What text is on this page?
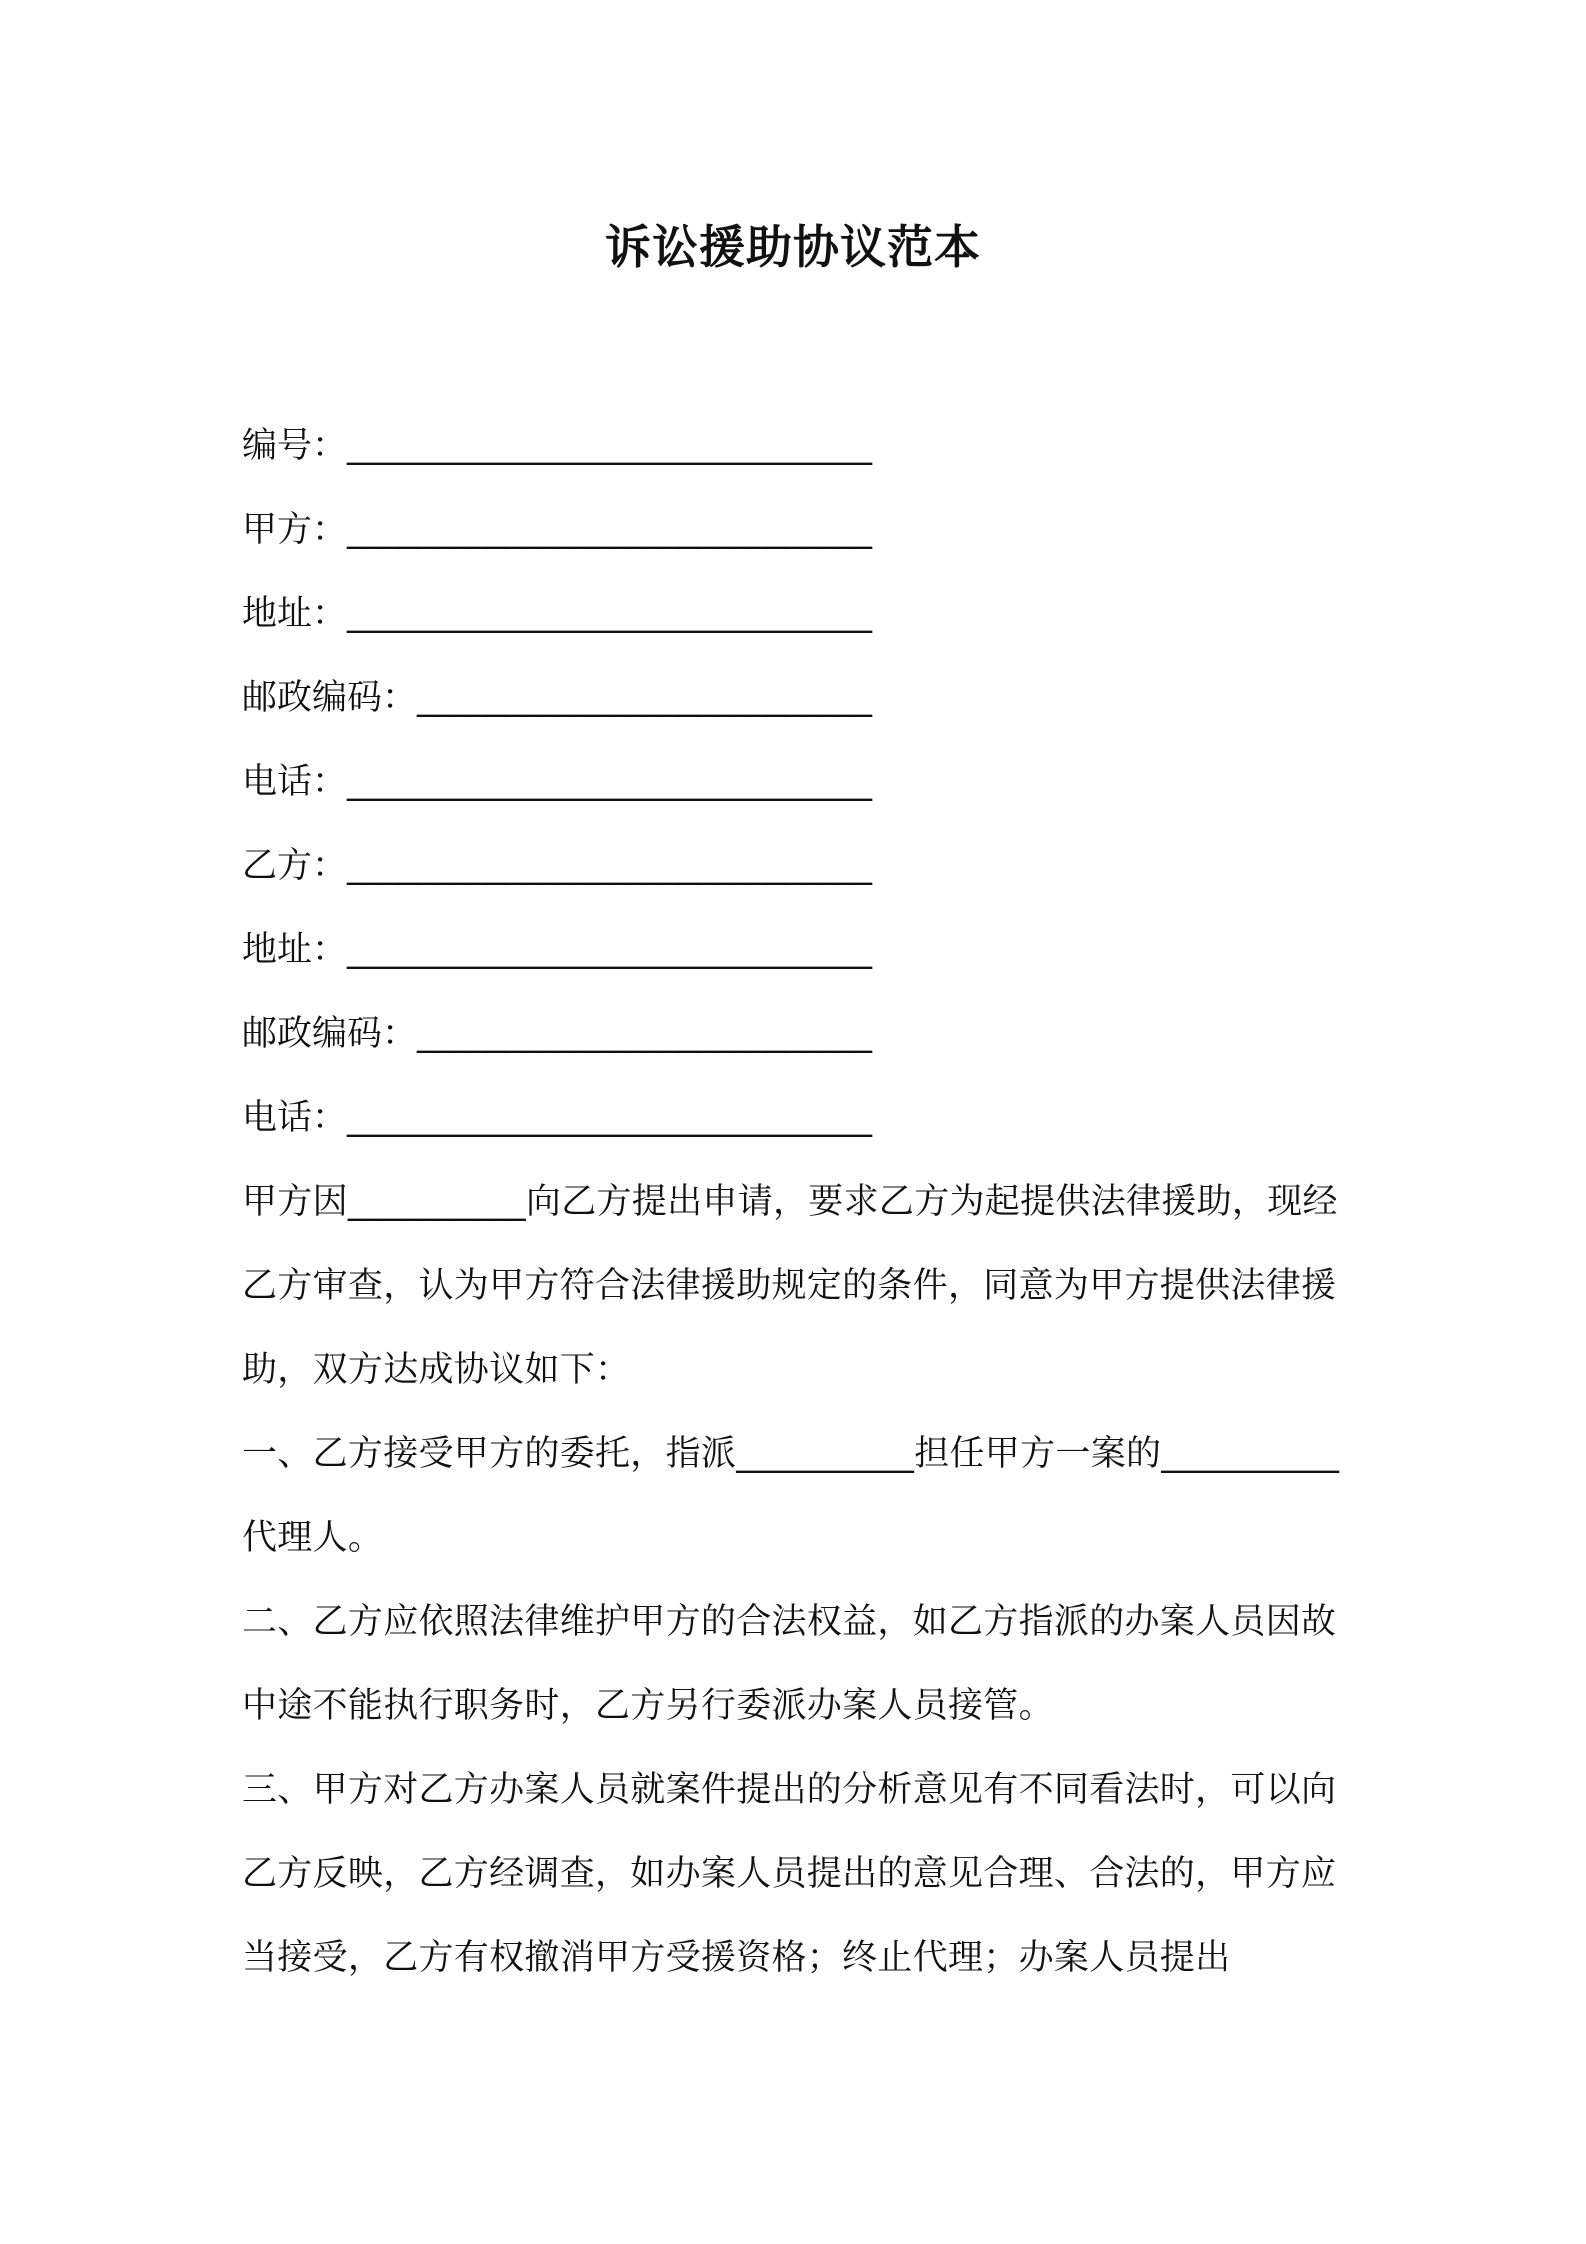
诉讼援助协议范本
编号：______________________________
甲方：______________________________
地址：______________________________
邮政编码：__________________________
电话：______________________________
乙方：______________________________
地址：______________________________
邮政编码：__________________________
电话：______________________________
甲方因__________向乙方提出申请，要求乙方为起提供法律援助，现经乙方审查，认为甲方符合法律援助规定的条件，同意为甲方提供法律援助，双方达成协议如下：
一、乙方接受甲方的委托，指派__________担任甲方一案的__________代理人。
二、乙方应依照法律维护甲方的合法权益，如乙方指派的办案人员因故中途不能执行职务时，乙方另行委派办案人员接管。
三、甲方对乙方办案人员就案件提出的分析意见有不同看法时，可以向乙方反映，乙方经调查，如办案人员提出的意见合理、合法的，甲方应当接受，乙方有权撤消甲方受援资格；终止代理；办案人员提出
